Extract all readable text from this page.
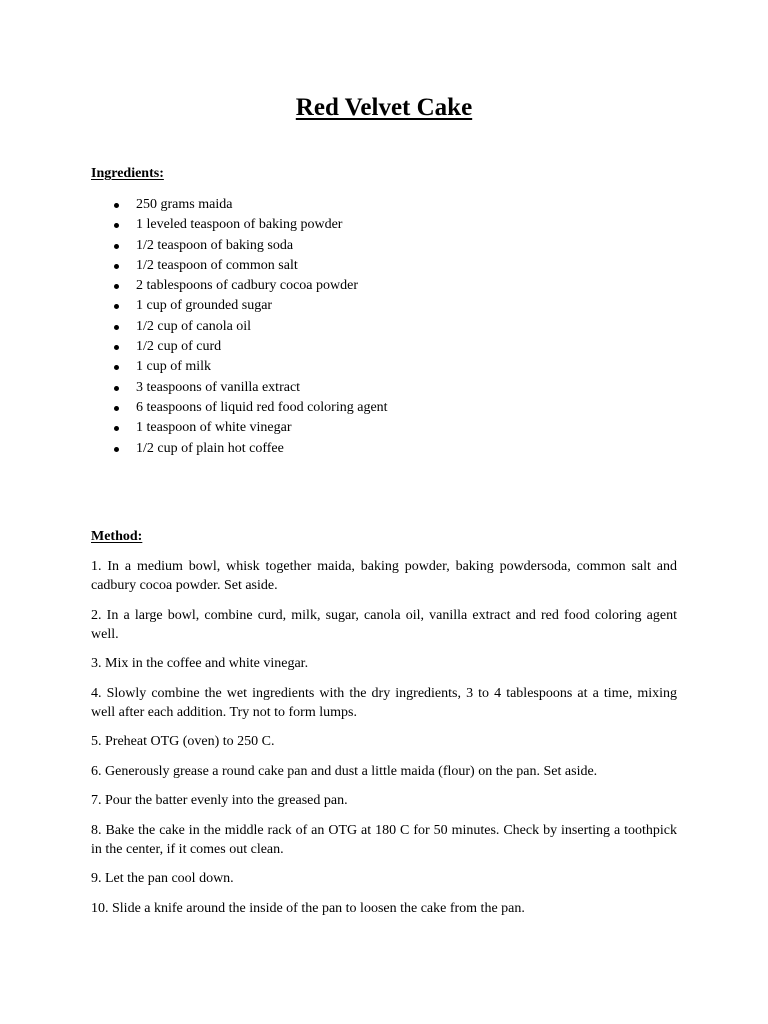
Red Velvet Cake
Ingredients:
250 grams maida
1 leveled teaspoon of baking powder
1/2 teaspoon of baking soda
1/2 teaspoon of common salt
2 tablespoons of cadbury cocoa powder
1 cup of grounded sugar
1/2 cup of canola oil
1/2 cup of curd
1 cup of milk
3 teaspoons of vanilla extract
6 teaspoons of liquid red food coloring agent
1 teaspoon of white vinegar
1/2 cup of plain hot coffee
Method:

1. In a medium bowl, whisk together maida, baking powder, baking powdersoda, common salt and cadbury cocoa powder. Set aside.

2. In a large bowl, combine curd, milk, sugar, canola oil, vanilla extract and red food coloring agent well.

3. Mix in the coffee and white vinegar.

4. Slowly combine the wet ingredients with the dry ingredients, 3 to 4 tablespoons at a time, mixing well after each addition. Try not to form lumps.

5. Preheat OTG (oven) to 250 C.

6. Generously grease a round cake pan and dust a little maida (flour) on the pan. Set aside.

7. Pour the batter evenly into the greased pan.

8. Bake the cake in the middle rack of an OTG at 180 C for 50 minutes. Check by inserting a toothpick in the center, if it comes out clean.

9. Let the pan cool down.

10. Slide a knife around the inside of the pan to loosen the cake from the pan.
